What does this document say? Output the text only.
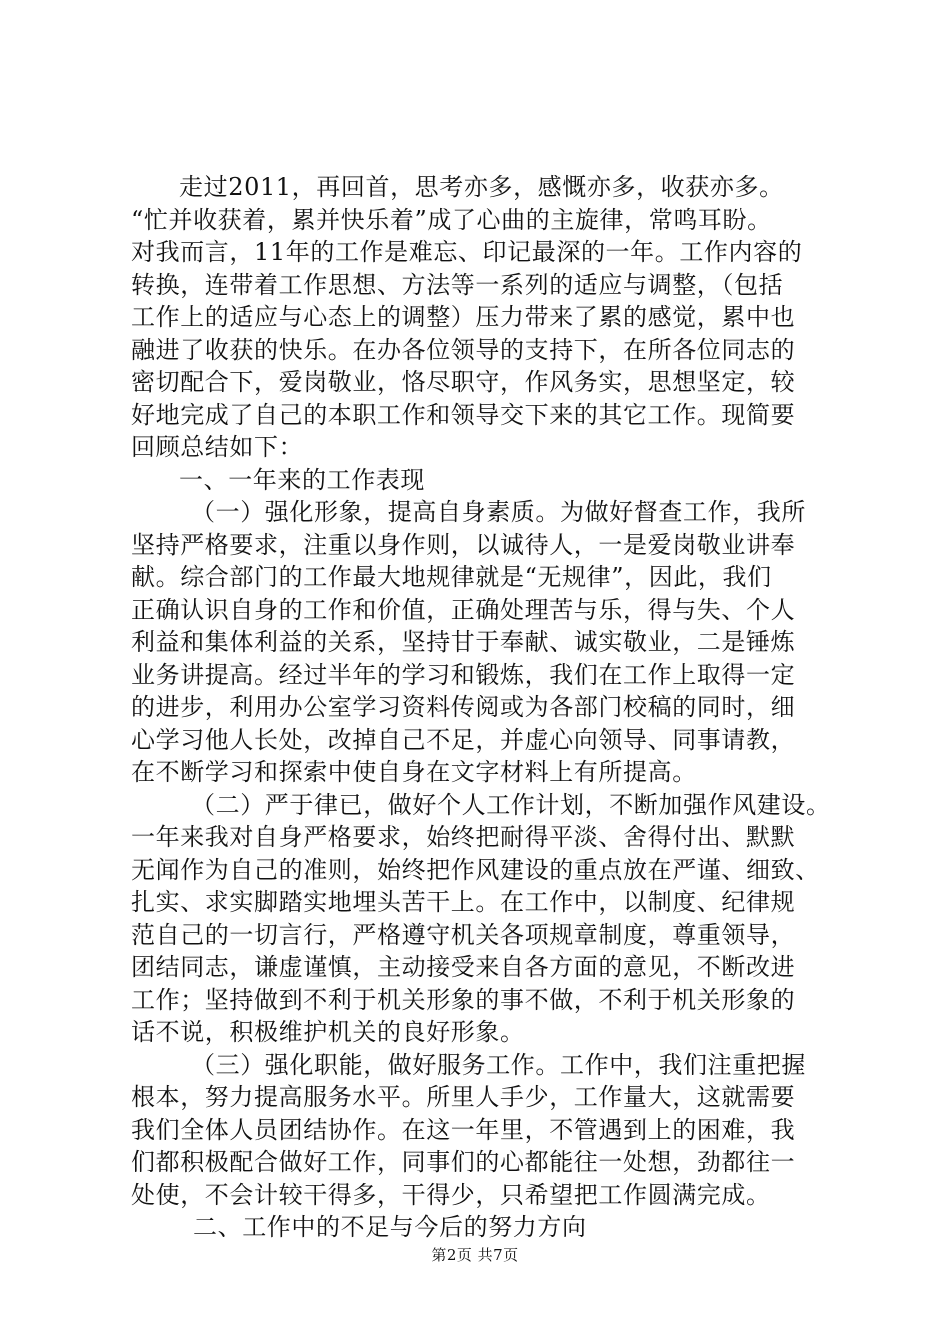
走过2011，再回首，思考亦多，感慨亦多，收获亦多。
“忙并收获着，累并快乐着”成了心曲的主旋律，常鸣耳盼。
对我而言，11年的工作是难忘、印记最深的一年。工作内容的
转换，连带着工作思想、方法等一系列的适应与调整，（包括
工作上的适应与心态上的调整）压力带来了累的感觉，累中也
融进了收获的快乐。在办各位领导的支持下，在所各位同志的
密切配合下，爱岗敬业，恪尽职守，作风务实，思想坚定，较
好地完成了自己的本职工作和领导交下来的其它工作。现简要
回顾总结如下：
一、一年来的工作表现
（一）强化形象，提高自身素质。为做好督查工作，我所
坚持严格要求，注重以身作则，以诚待人，一是爱岗敬业讲奉
献。综合部门的工作最大地规律就是“无规律”，因此，我们
正确认识自身的工作和价值，正确处理苦与乐，得与失、个人
利益和集体利益的关系，坚持甘于奉献、诚实敬业，二是锤炼
业务讲提高。经过半年的学习和锻炼，我们在工作上取得一定
的进步，利用办公室学习资料传阅或为各部门校稿的同时，细
心学习他人长处，改掉自己不足，并虚心向领导、同事请教，
在不断学习和探索中使自身在文字材料上有所提高。
（二）严于律已，做好个人工作计划，不断加强作风建设。
一年来我对自身严格要求，始终把耐得平淡、舍得付出、默默
无闻作为自己的准则，始终把作风建设的重点放在严谨、细致、
扎实、求实脚踏实地埋头苦干上。在工作中，以制度、纪律规
范自己的一切言行，严格遵守机关各项规章制度，尊重领导，
团结同志，谦虚谨慎，主动接受来自各方面的意见，不断改进
工作；坚持做到不利于机关形象的事不做，不利于机关形象的
话不说，积极维护机关的良好形象。
（三）强化职能，做好服务工作。工作中，我们注重把握
根本，努力提高服务水平。所里人手少，工作量大，这就需要
我们全体人员团结协作。在这一年里，不管遇到上的困难，我
们都积极配合做好工作，同事们的心都能往一处想，劲都往一
处使，不会计较干得多，干得少，只希望把工作圆满完成。
二、工作中的不足与今后的努力方向
第2页 共7页
